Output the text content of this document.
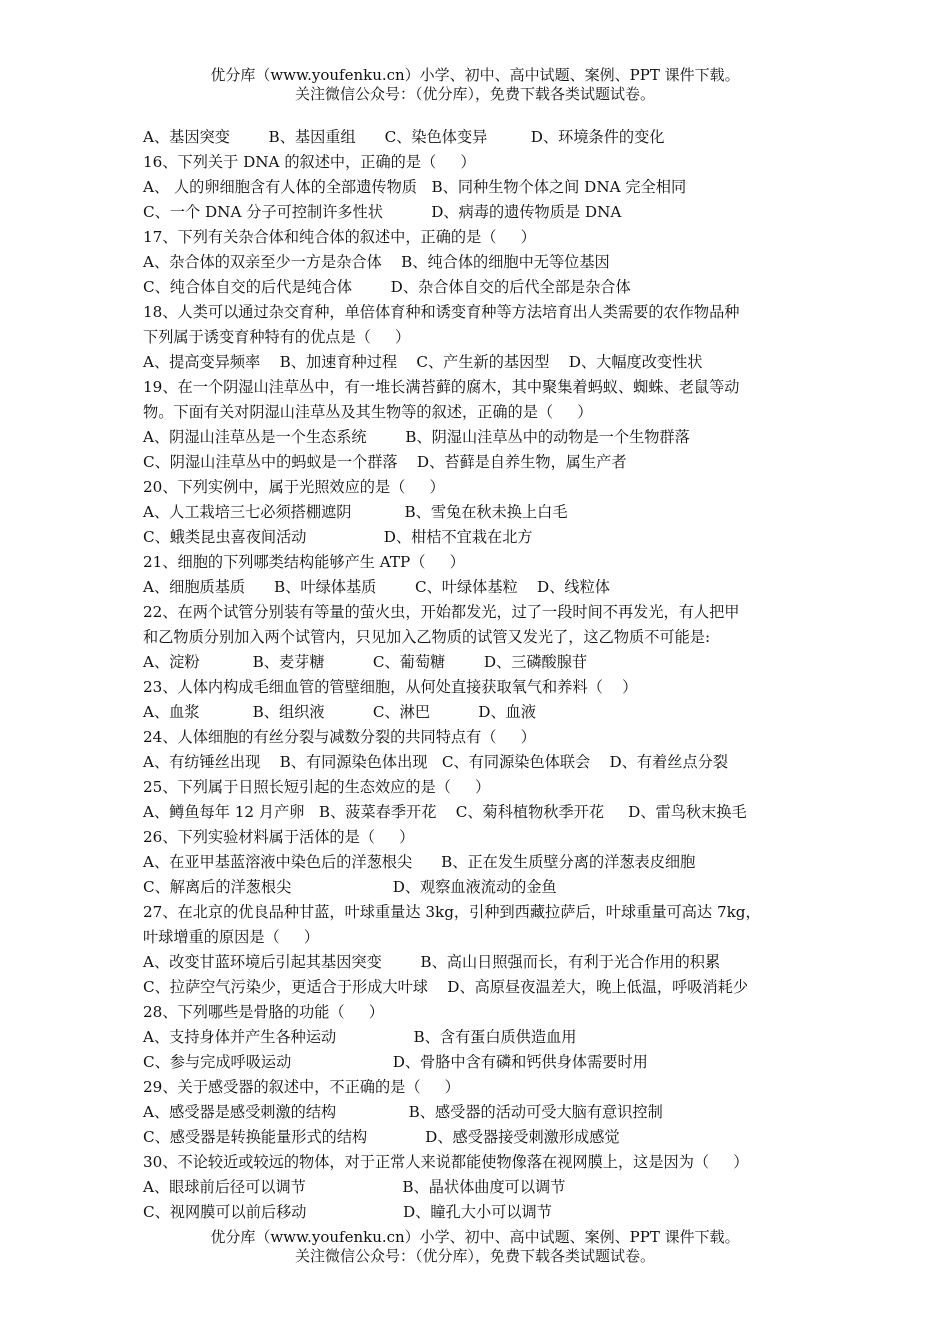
优分库（www.youfenku.cn）小学、初中、高中试题、案例、PPT 课件下载。
关注微信公众号：（优分库），免费下载各类试题试卷。
A、基因突变        B、基因重组      C、染色体变异         D、环境条件的变化
16、下列关于 DNA 的叙述中，正确的是（     ）
A、 人的卵细胞含有人体的全部遗传物质   B、同种生物个体之间 DNA 完全相同
C、一个 DNA 分子可控制许多性状          D、病毒的遗传物质是 DNA
17、下列有关杂合体和纯合体的叙述中，正确的是（     ）
A、杂合体的双亲至少一方是杂合体    B、纯合体的细胞中无等位基因
C、纯合体自交的后代是纯合体        D、杂合体自交的后代全部是杂合体
18、人类可以通过杂交育种，单倍体育种和诱变育种等方法培育出人类需要的农作物品种
下列属于诱变育种特有的优点是（     ）
A、提高变异频率    B、加速育种过程    C、产生新的基因型    D、大幅度改变性状
19、在一个阴湿山洼草丛中，有一堆长满苔藓的腐木，其中聚集着蚂蚁、蜘蛛、老鼠等动
物。下面有关对阴湿山洼草丛及其生物等的叙述，正确的是（     ）
A、阴湿山洼草丛是一个生态系统        B、阴湿山洼草丛中的动物是一个生物群落
C、阴湿山洼草丛中的蚂蚁是一个群落    D、苔藓是自养生物，属生产者
20、下列实例中，属于光照效应的是（     ）
A、人工栽培三七必须搭棚遮阴           B、雪兔在秋未换上白毛
C、蛾类昆虫喜夜间活动                D、柑桔不宜栽在北方
21、细胞的下列哪类结构能够产生 ATP（     ）
A、细胞质基质      B、叶绿体基质        C、叶绿体基粒    D、线粒体
22、在两个试管分别装有等量的萤火虫，开始都发光，过了一段时间不再发光，有人把甲
和乙物质分别加入两个试管内，只见加入乙物质的试管又发光了，这乙物质不可能是:
A、淀粉           B、麦芽糖          C、葡萄糖        D、三磷酸腺苷
23、人体内构成毛细血管的管壁细胞，从何处直接获取氧气和养料（    ）
A、血浆           B、组织液          C、淋巴          D、血液
24、人体细胞的有丝分裂与减数分裂的共同特点有（     ）
A、有纺锤丝出现    B、有同源染色体出现   C、有同源染色体联会    D、有着丝点分裂
25、下列属于日照长短引起的生态效应的是（     ）
A、鳟鱼每年 12 月产卵   B、菠菜春季开花    C、菊科植物秋季开花     D、雷鸟秋末换毛
26、下列实验材料属于活体的是（     ）
A、在亚甲基蓝溶液中染色后的洋葱根尖      B、正在发生质壁分离的洋葱表皮细胞
C、解离后的洋葱根尖                     D、观察血液流动的金鱼
27、在北京的优良品种甘蓝，叶球重量达 3kg，引种到西藏拉萨后，叶球重量可高达 7kg，
叶球增重的原因是（     ）
A、改变甘蓝环境后引起其基因突变        B、高山日照强而长，有利于光合作用的积累
C、拉萨空气污染少，更适合于形成大叶球    D、高原昼夜温差大，晚上低温，呼吸消耗少
28、下列哪些是骨胳的功能（     ）
A、支持身体并产生各种运动                B、含有蛋白质供造血用
C、参与完成呼吸运动                     D、骨胳中含有磷和钙供身体需要时用
29、关于感受器的叙述中，不正确的是（     ）
A、感受器是感受刺激的结构               B、感受器的活动可受大脑有意识控制
C、感受器是转换能量形式的结构            D、感受器接受刺激形成感觉
30、不论较近或较远的物体，对于正常人来说都能使物像落在视网膜上，这是因为（     ）
A、眼球前后径可以调节                    B、晶状体曲度可以调节
C、视网膜可以前后移动                    D、瞳孔大小可以调节
优分库（www.youfenku.cn）小学、初中、高中试题、案例、PPT 课件下载。
关注微信公众号：（优分库），免费下载各类试题试卷。
